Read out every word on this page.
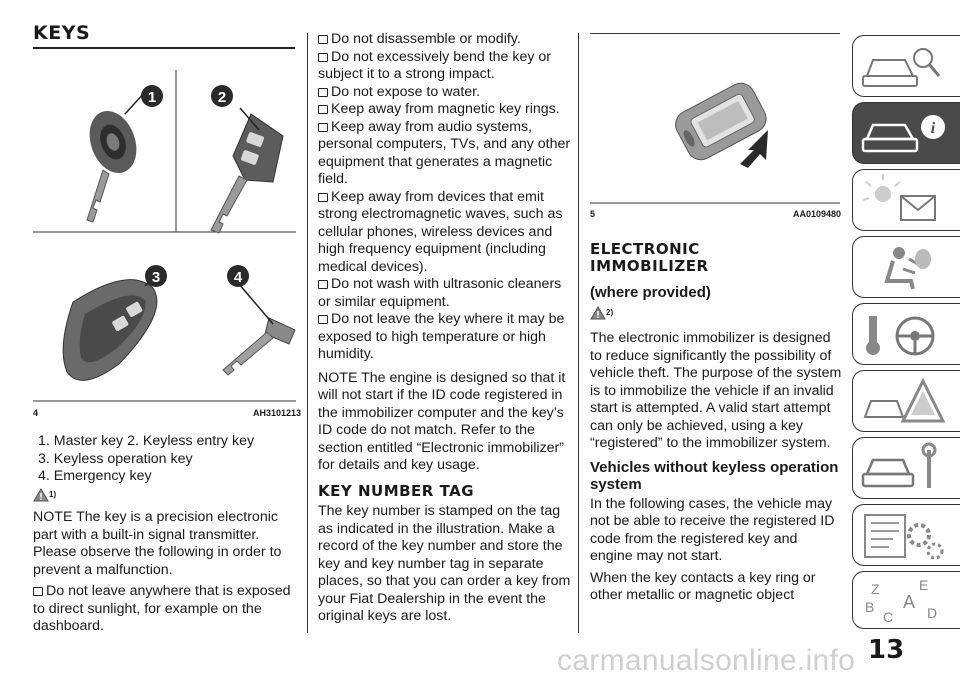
KEYS
1	2
3	4
4	AH3101213
1. Master key 2. Keyless entry key
3. Keyless operation key
4. Emergency key
$^{1)}$

NOTE The key is a precision electronic part with a built-in signal transmitter. Please observe the following in order to prevent a malfunction.

Do not leave anywhere that is exposed to direct sunlight, for example on the dashboard.
Do not disassemble or modify.
Do not excessively bend the key or subject it to a strong impact.
Do not expose to water.
Keep away from magnetic key rings.
Keep away from audio systems, personal computers, TVs, and any other equipment that generates a magnetic field.
Keep away from devices that emit strong electromagnetic waves, such as cellular phones, wireless devices and high frequency equipment (including medical devices).
Do not wash with ultrasonic cleaners or similar equipment.
Do not leave the key where it may be exposed to high temperature or high humidity.

NOTE The engine is designed so that it will not start if the ID code registered in the immobilizer computer and the key’s ID code do not match. Refer to the section entitled “Electronic immobilizer” for details and key usage.

KEY NUMBER TAG

The key number is stamped on the tag as indicated in the illustration. Make a record of the key number and store the key and key number tag in separate places, so that you can order a key from your Fiat Dealership in the event the original keys are lost.

5	AA0109480
ELECTRONIC
IMMOBILIZER
(where provided)
$^{2)}$

The electronic immobilizer is designed to reduce significantly the possibility of vehicle theft. The purpose of the system is to immobilize the vehicle if an invalid start is attempted. A valid start attempt can only be achieved, using a key “registered” to the immobilizer system.

Vehicles without keyless operation system

In the following cases, the vehicle may not be able to receive the registered ID code from the registered key and engine may not start.

When the key contacts a key ring or other metallic or magnetic object

i
Z	E
B A
C D
13
carmanualsonline.info
